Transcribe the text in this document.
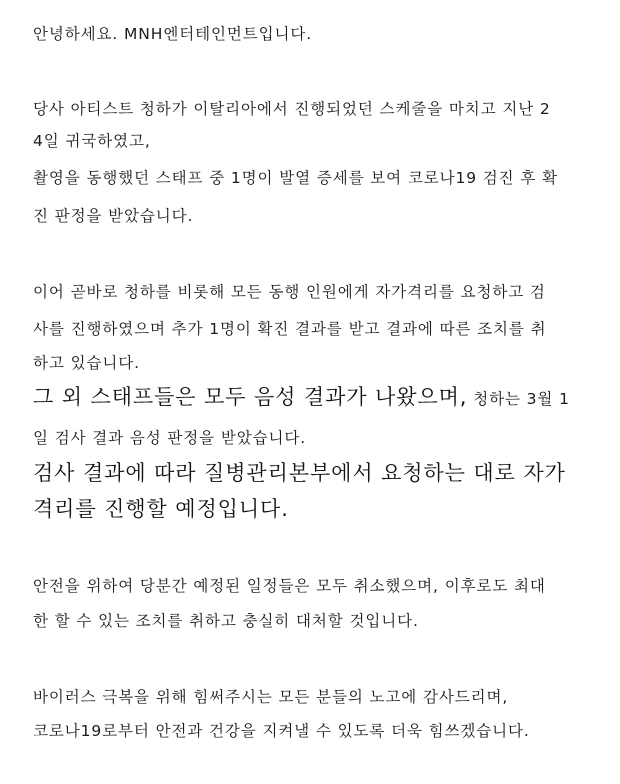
안녕하세요. MNH엔터테인먼트입니다.

당사 아티스트 청하가 이탈리아에서 진행되었던 스케줄을 마치고 지난 2

4일 귀국하였고,

촬영을 동행했던 스태프 중 1명이 발열 증세를 보여 코로나19 검진 후 확

진 판정을 받았습니다.

이어 곧바로 청하를 비롯해 모든 동행 인원에게 자가격리를 요청하고 검

사를 진행하였으며 추가 1명이 확진 결과를 받고 결과에 따른 조치를 취

하고 있습니다.

그 외 스태프들은 모두 음성 결과가 나왔으며, 청하는 3월 1

일 검사 결과 음성 판정을 받았습니다.

검사 결과에 따라 질병관리본부에서 요청하는 대로 자가

격리를 진행할 예정입니다.

안전을 위하여 당분간 예정된 일정들은 모두 취소했으며, 이후로도 최대

한 할 수 있는 조치를 취하고 충실히 대처할 것입니다.

바이러스 극복을 위해 힘써주시는 모든 분들의 노고에 감사드리며,

코로나19로부터 안전과 건강을 지켜낼 수 있도록 더욱 힘쓰겠습니다.
